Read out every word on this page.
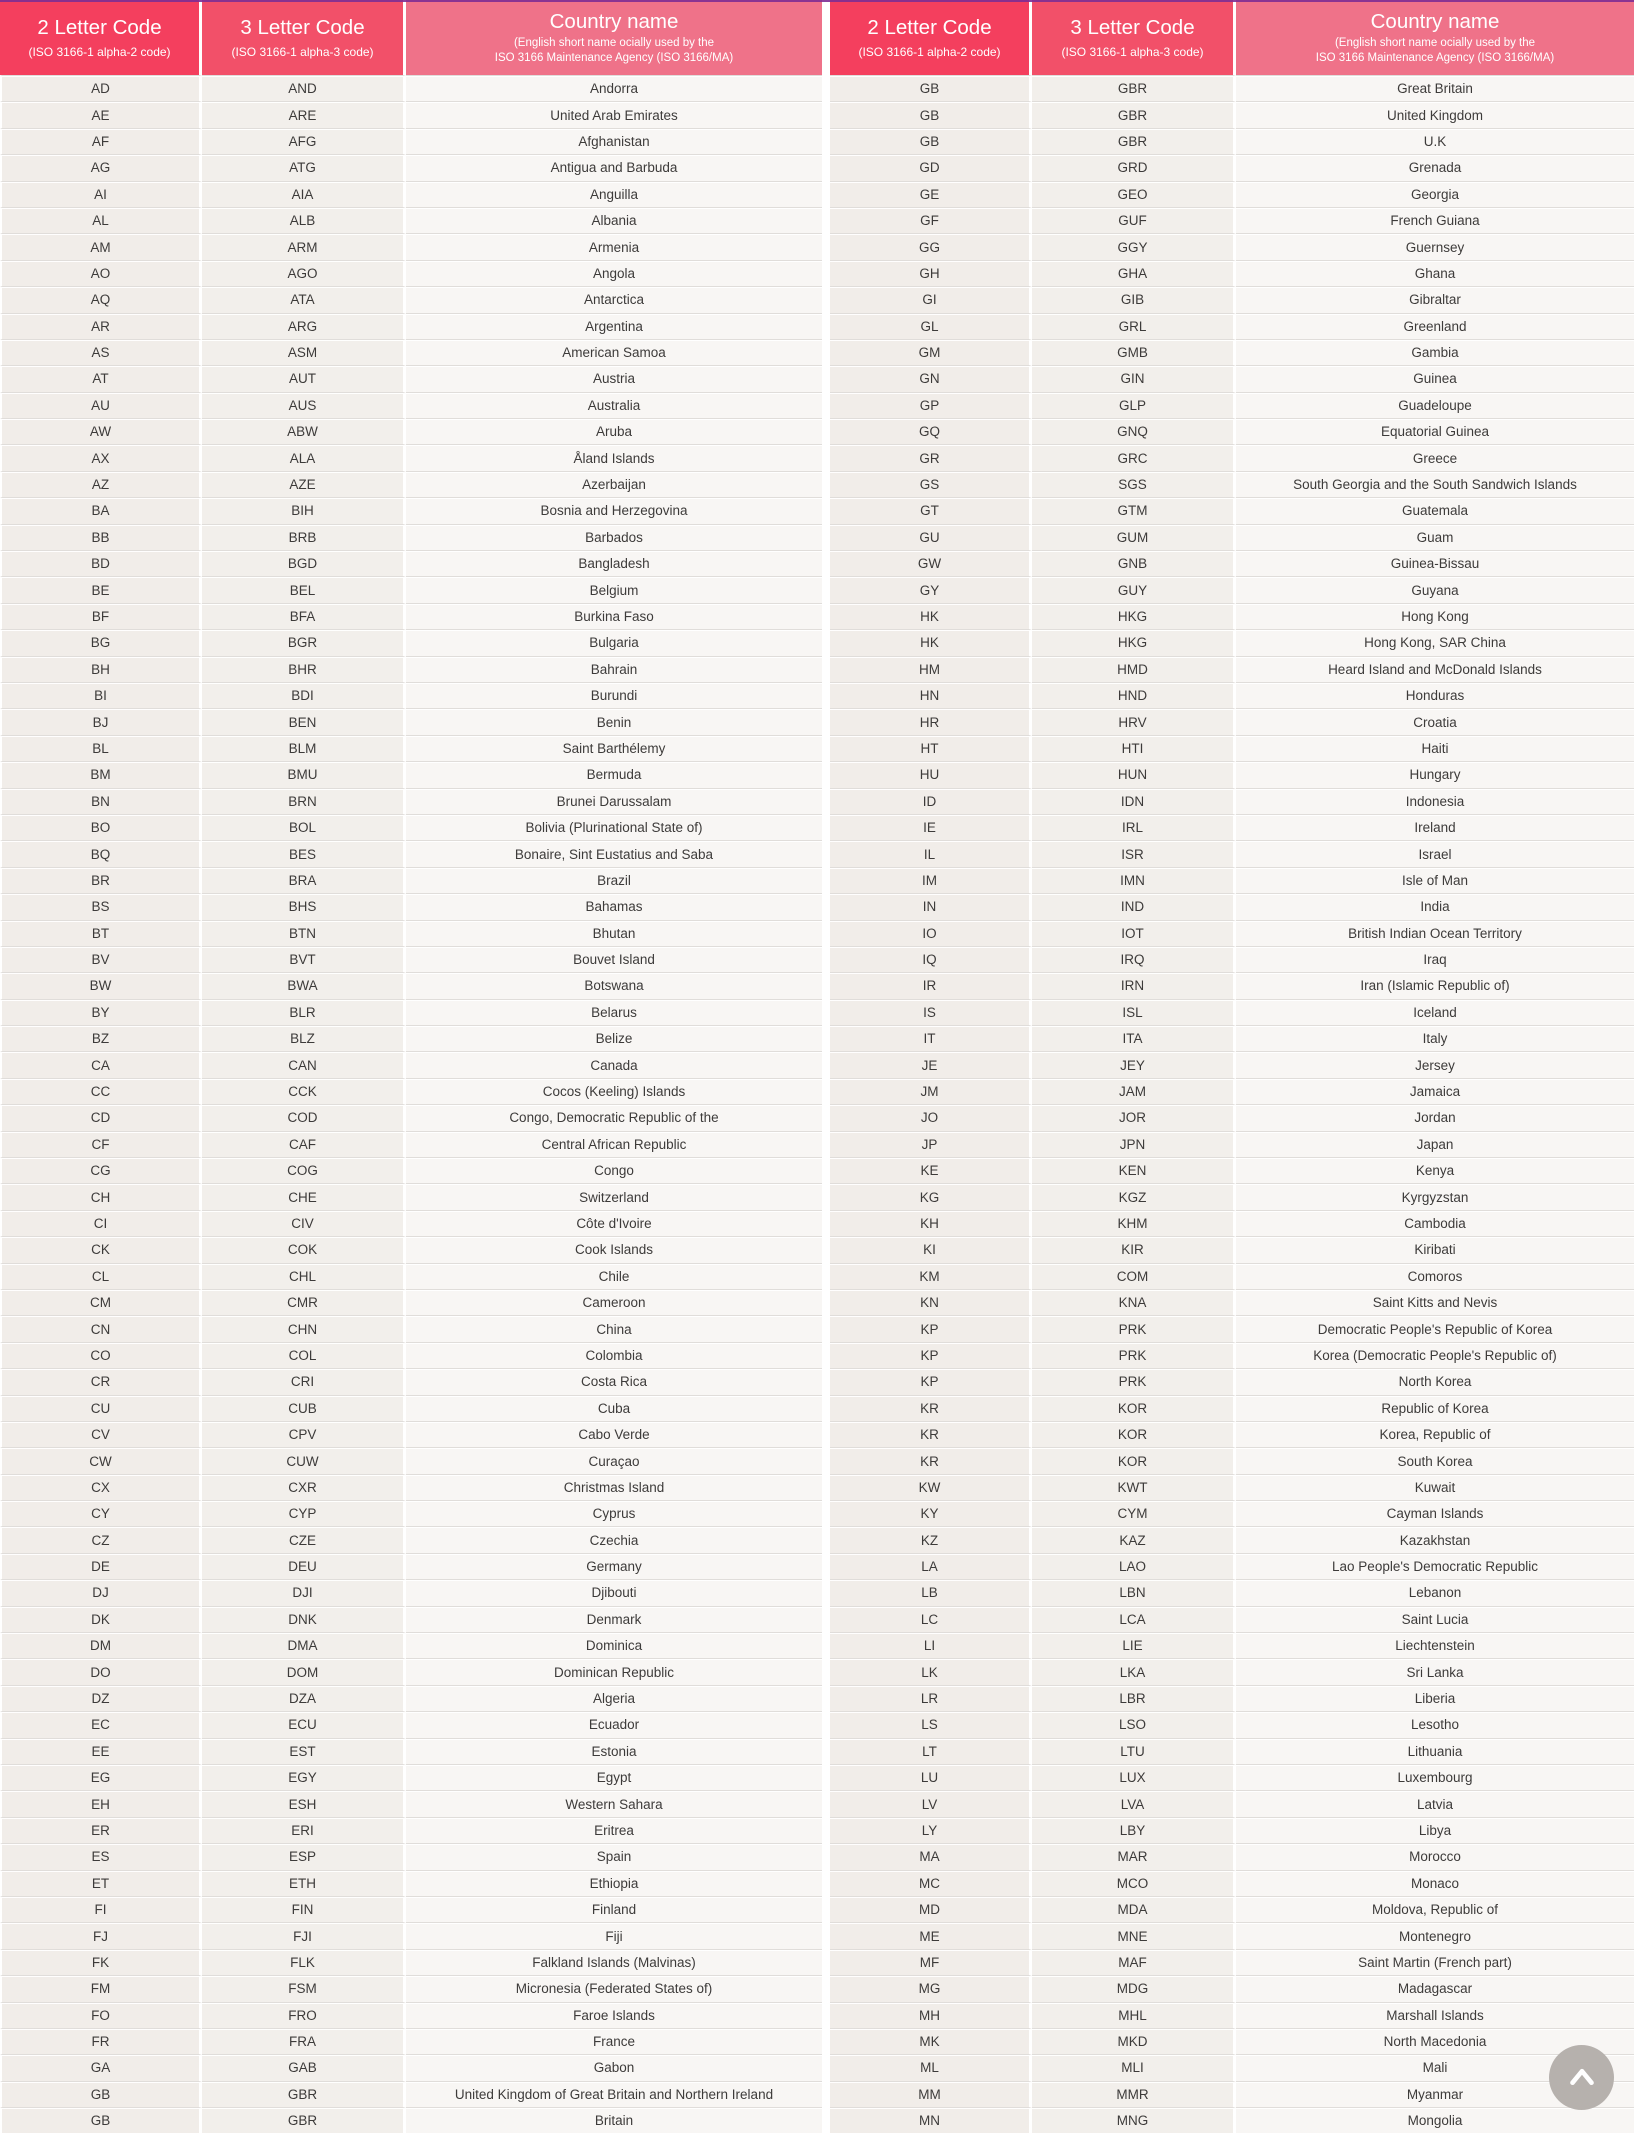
2 Letter Code
(ISO 3166-1 alpha-2 code)
3 Letter Code
(ISO 3166-1 alpha-3 code)
Country name
(English short name ocially used by the
ISO 3166 Maintenance Agency (ISO 3166/MA)
AD	AND	Andorra
AE	ARE	United Arab Emirates
AF	AFG	Afghanistan
AG	ATG	Antigua and Barbuda
AI	AIA	Anguilla
AL	ALB	Albania
AM	ARM	Armenia
AO	AGO	Angola
AQ	ATA	Antarctica
AR	ARG	Argentina
AS	ASM	American Samoa
AT	AUT	Austria
AU	AUS	Australia
AW	ABW	Aruba
AX	ALA	Åland Islands
AZ	AZE	Azerbaijan
BA	BIH	Bosnia and Herzegovina
BB	BRB	Barbados
BD	BGD	Bangladesh
BE	BEL	Belgium
BF	BFA	Burkina Faso
BG	BGR	Bulgaria
BH	BHR	Bahrain
BI	BDI	Burundi
BJ	BEN	Benin
BL	BLM	Saint Barthélemy
BM	BMU	Bermuda
BN	BRN	Brunei Darussalam
BO	BOL	Bolivia (Plurinational State of)
BQ	BES	Bonaire, Sint Eustatius and Saba
BR	BRA	Brazil
BS	BHS	Bahamas
BT	BTN	Bhutan
BV	BVT	Bouvet Island
BW	BWA	Botswana
BY	BLR	Belarus
BZ	BLZ	Belize
CA	CAN	Canada
CC	CCK	Cocos (Keeling) Islands
CD	COD	Congo, Democratic Republic of the
CF	CAF	Central African Republic
CG	COG	Congo
CH	CHE	Switzerland
CI	CIV	Côte d'Ivoire
CK	COK	Cook Islands
CL	CHL	Chile
CM	CMR	Cameroon
CN	CHN	China
CO	COL	Colombia
CR	CRI	Costa Rica
CU	CUB	Cuba
CV	CPV	Cabo Verde
CW	CUW	Curaçao
CX	CXR	Christmas Island
CY	CYP	Cyprus
CZ	CZE	Czechia
DE	DEU	Germany
DJ	DJI	Djibouti
DK	DNK	Denmark
DM	DMA	Dominica
DO	DOM	Dominican Republic
DZ	DZA	Algeria
EC	ECU	Ecuador
EE	EST	Estonia
EG	EGY	Egypt
EH	ESH	Western Sahara
ER	ERI	Eritrea
ES	ESP	Spain
ET	ETH	Ethiopia
FI	FIN	Finland
FJ	FJI	Fiji
FK	FLK	Falkland Islands (Malvinas)
FM	FSM	Micronesia (Federated States of)
FO	FRO	Faroe Islands
FR	FRA	France
GA	GAB	Gabon
GB	GBR	United Kingdom of Great Britain and Northern Ireland
GB	GBR	Britain
2 Letter Code
(ISO 3166-1 alpha-2 code)
3 Letter Code
(ISO 3166-1 alpha-3 code)
Country name
(English short name ocially used by the
ISO 3166 Maintenance Agency (ISO 3166/MA)
GB	GBR	Great Britain
GB	GBR	United Kingdom
GB	GBR	U.K
GD	GRD	Grenada
GE	GEO	Georgia
GF	GUF	French Guiana
GG	GGY	Guernsey
GH	GHA	Ghana
GI	GIB	Gibraltar
GL	GRL	Greenland
GM	GMB	Gambia
GN	GIN	Guinea
GP	GLP	Guadeloupe
GQ	GNQ	Equatorial Guinea
GR	GRC	Greece
GS	SGS	South Georgia and the South Sandwich Islands
GT	GTM	Guatemala
GU	GUM	Guam
GW	GNB	Guinea-Bissau
GY	GUY	Guyana
HK	HKG	Hong Kong
HK	HKG	Hong Kong, SAR China
HM	HMD	Heard Island and McDonald Islands
HN	HND	Honduras
HR	HRV	Croatia
HT	HTI	Haiti
HU	HUN	Hungary
ID	IDN	Indonesia
IE	IRL	Ireland
IL	ISR	Israel
IM	IMN	Isle of Man
IN	IND	India
IO	IOT	British Indian Ocean Territory
IQ	IRQ	Iraq
IR	IRN	Iran (Islamic Republic of)
IS	ISL	Iceland
IT	ITA	Italy
JE	JEY	Jersey
JM	JAM	Jamaica
JO	JOR	Jordan
JP	JPN	Japan
KE	KEN	Kenya
KG	KGZ	Kyrgyzstan
KH	KHM	Cambodia
KI	KIR	Kiribati
KM	COM	Comoros
KN	KNA	Saint Kitts and Nevis
KP	PRK	Democratic People's Republic of Korea
KP	PRK	Korea (Democratic People's Republic of)
KP	PRK	North Korea
KR	KOR	Republic of Korea
KR	KOR	Korea, Republic of
KR	KOR	South Korea
KW	KWT	Kuwait
KY	CYM	Cayman Islands
KZ	KAZ	Kazakhstan
LA	LAO	Lao People's Democratic Republic
LB	LBN	Lebanon
LC	LCA	Saint Lucia
LI	LIE	Liechtenstein
LK	LKA	Sri Lanka
LR	LBR	Liberia
LS	LSO	Lesotho
LT	LTU	Lithuania
LU	LUX	Luxembourg
LV	LVA	Latvia
LY	LBY	Libya
MA	MAR	Morocco
MC	MCO	Monaco
MD	MDA	Moldova, Republic of
ME	MNE	Montenegro
MF	MAF	Saint Martin (French part)
MG	MDG	Madagascar
MH	MHL	Marshall Islands
MK	MKD	North Macedonia
ML	MLI	Mali
MM	MMR	Myanmar
MN	MNG	Mongolia
